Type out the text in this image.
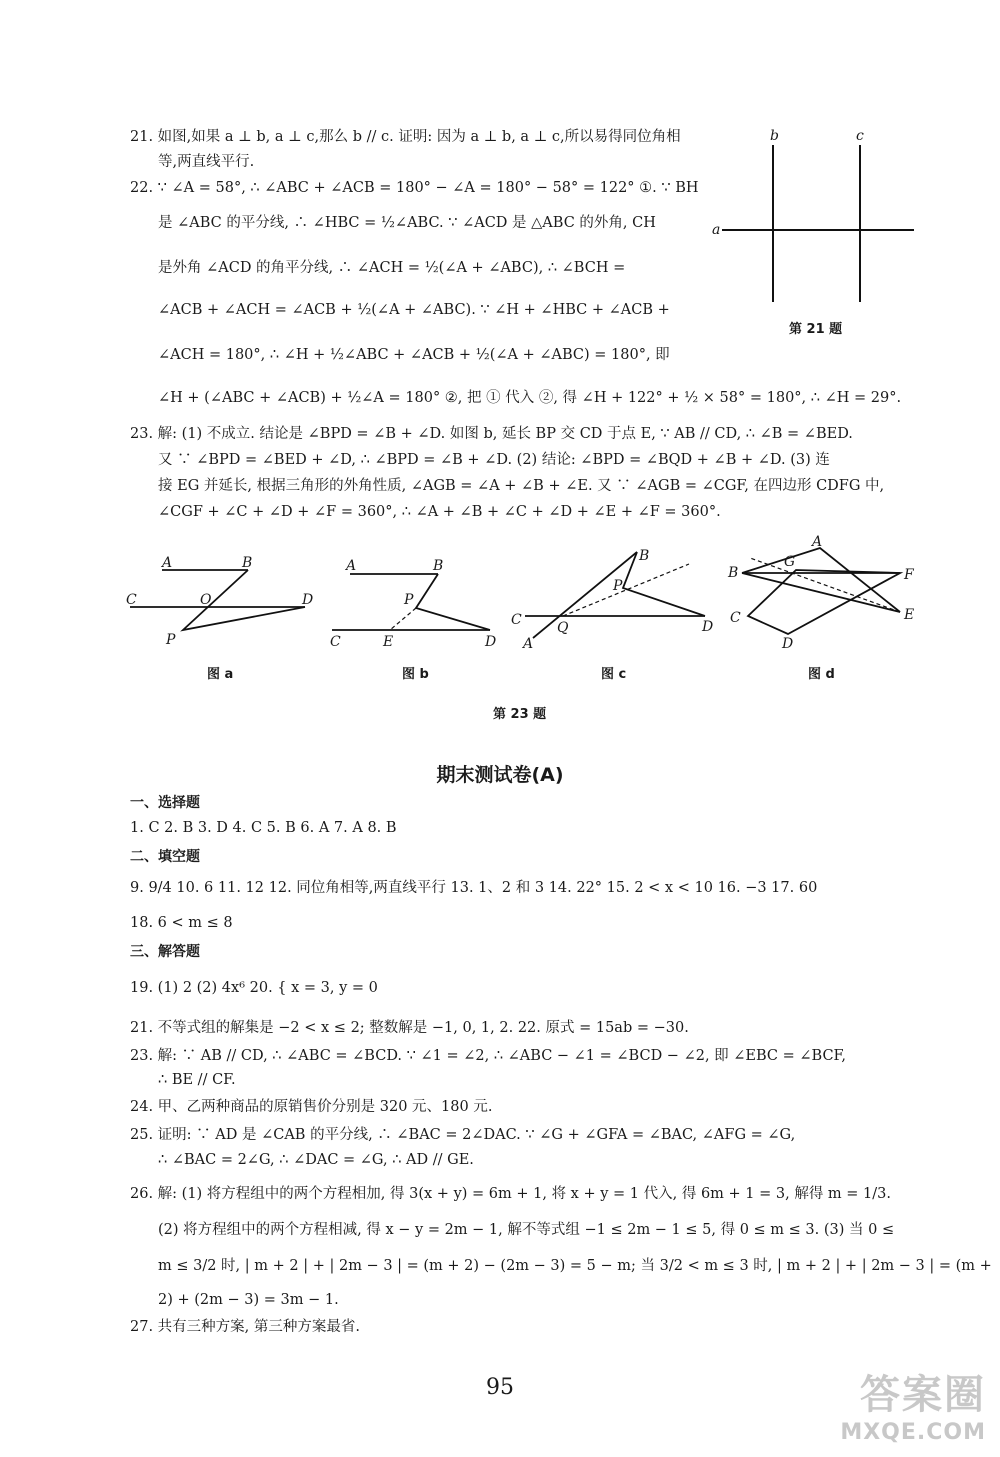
21. 如图,如果 a ⊥ b, a ⊥ c,那么 b // c. 证明: 因为 a ⊥ b, a ⊥ c,所以易得同位角相
等,两直线平行.
22. ∵ ∠A = 58°, ∴ ∠ABC + ∠ACB = 180° − ∠A = 180° − 58° = 122° ①. ∵ BH
是 ∠ABC 的平分线, ∴ ∠HBC = ½∠ABC. ∵ ∠ACD 是 △ABC 的外角, CH
是外角 ∠ACD 的角平分线, ∴ ∠ACH = ½(∠A + ∠ABC), ∴ ∠BCH =
∠ACB + ∠ACH = ∠ACB + ½(∠A + ∠ABC). ∵ ∠H + ∠HBC + ∠ACB +
∠ACH = 180°, ∴ ∠H + ½∠ABC + ∠ACB + ½(∠A + ∠ABC) = 180°, 即
∠H + (∠ABC + ∠ACB) + ½∠A = 180° ②, 把 ① 代入 ②, 得 ∠H + 122° + ½ × 58° = 180°, ∴ ∠H = 29°.
23. 解: (1) 不成立. 结论是 ∠BPD = ∠B + ∠D. 如图 b, 延长 BP 交 CD 于点 E, ∵ AB // CD, ∴ ∠B = ∠BED.
又 ∵ ∠BPD = ∠BED + ∠D, ∴ ∠BPD = ∠B + ∠D. (2) 结论: ∠BPD = ∠BQD + ∠B + ∠D. (3) 连
接 EG 并延长, 根据三角形的外角性质, ∠AGB = ∠A + ∠B + ∠E. 又 ∵ ∠AGB = ∠CGF, 在四边形 CDFG 中,
∠CGF + ∠C + ∠D + ∠F = 360°, ∴ ∠A + ∠B + ∠C + ∠D + ∠E + ∠F = 360°.
b	c
a
第 21 题
A	B
C	O	D
P
图 a
A	B
P
C	E	D
图 b
B
P
C	Q	D
A
图 c
A
G
B	F
C	E
D
图 d
第 23 题
期末测试卷(A)
一、选择题
1. C 2. B 3. D 4. C 5. B 6. A 7. A 8. B
二、填空题
9. 9/4 10. 6 11. 12 12. 同位角相等,两直线平行 13. 1、2 和 3 14. 22° 15. 2 < x < 10 16. −3 17. 60
18. 6 < m ≤ 8
三、解答题
19. (1) 2 (2) 4x⁶ 20. { x = 3, y = 0
21. 不等式组的解集是 −2 < x ≤ 2; 整数解是 −1, 0, 1, 2. 22. 原式 = 15ab = −30.
23. 解: ∵ AB // CD, ∴ ∠ABC = ∠BCD. ∵ ∠1 = ∠2, ∴ ∠ABC − ∠1 = ∠BCD − ∠2, 即 ∠EBC = ∠BCF,
∴ BE // CF.
24. 甲、乙两种商品的原销售价分别是 320 元、180 元.
25. 证明: ∵ AD 是 ∠CAB 的平分线, ∴ ∠BAC = 2∠DAC. ∵ ∠G + ∠GFA = ∠BAC, ∠AFG = ∠G,
∴ ∠BAC = 2∠G, ∴ ∠DAC = ∠G, ∴ AD // GE.
26. 解: (1) 将方程组中的两个方程相加, 得 3(x + y) = 6m + 1, 将 x + y = 1 代入, 得 6m + 1 = 3, 解得 m = 1/3.
(2) 将方程组中的两个方程相减, 得 x − y = 2m − 1, 解不等式组 −1 ≤ 2m − 1 ≤ 5, 得 0 ≤ m ≤ 3. (3) 当 0 ≤
m ≤ 3/2 时, | m + 2 | + | 2m − 3 | = (m + 2) − (2m − 3) = 5 − m; 当 3/2 < m ≤ 3 时, | m + 2 | + | 2m − 3 | = (m +
2) + (2m − 3) = 3m − 1.
27. 共有三种方案, 第三种方案最省.
95	答案圈
MXQE.COM
